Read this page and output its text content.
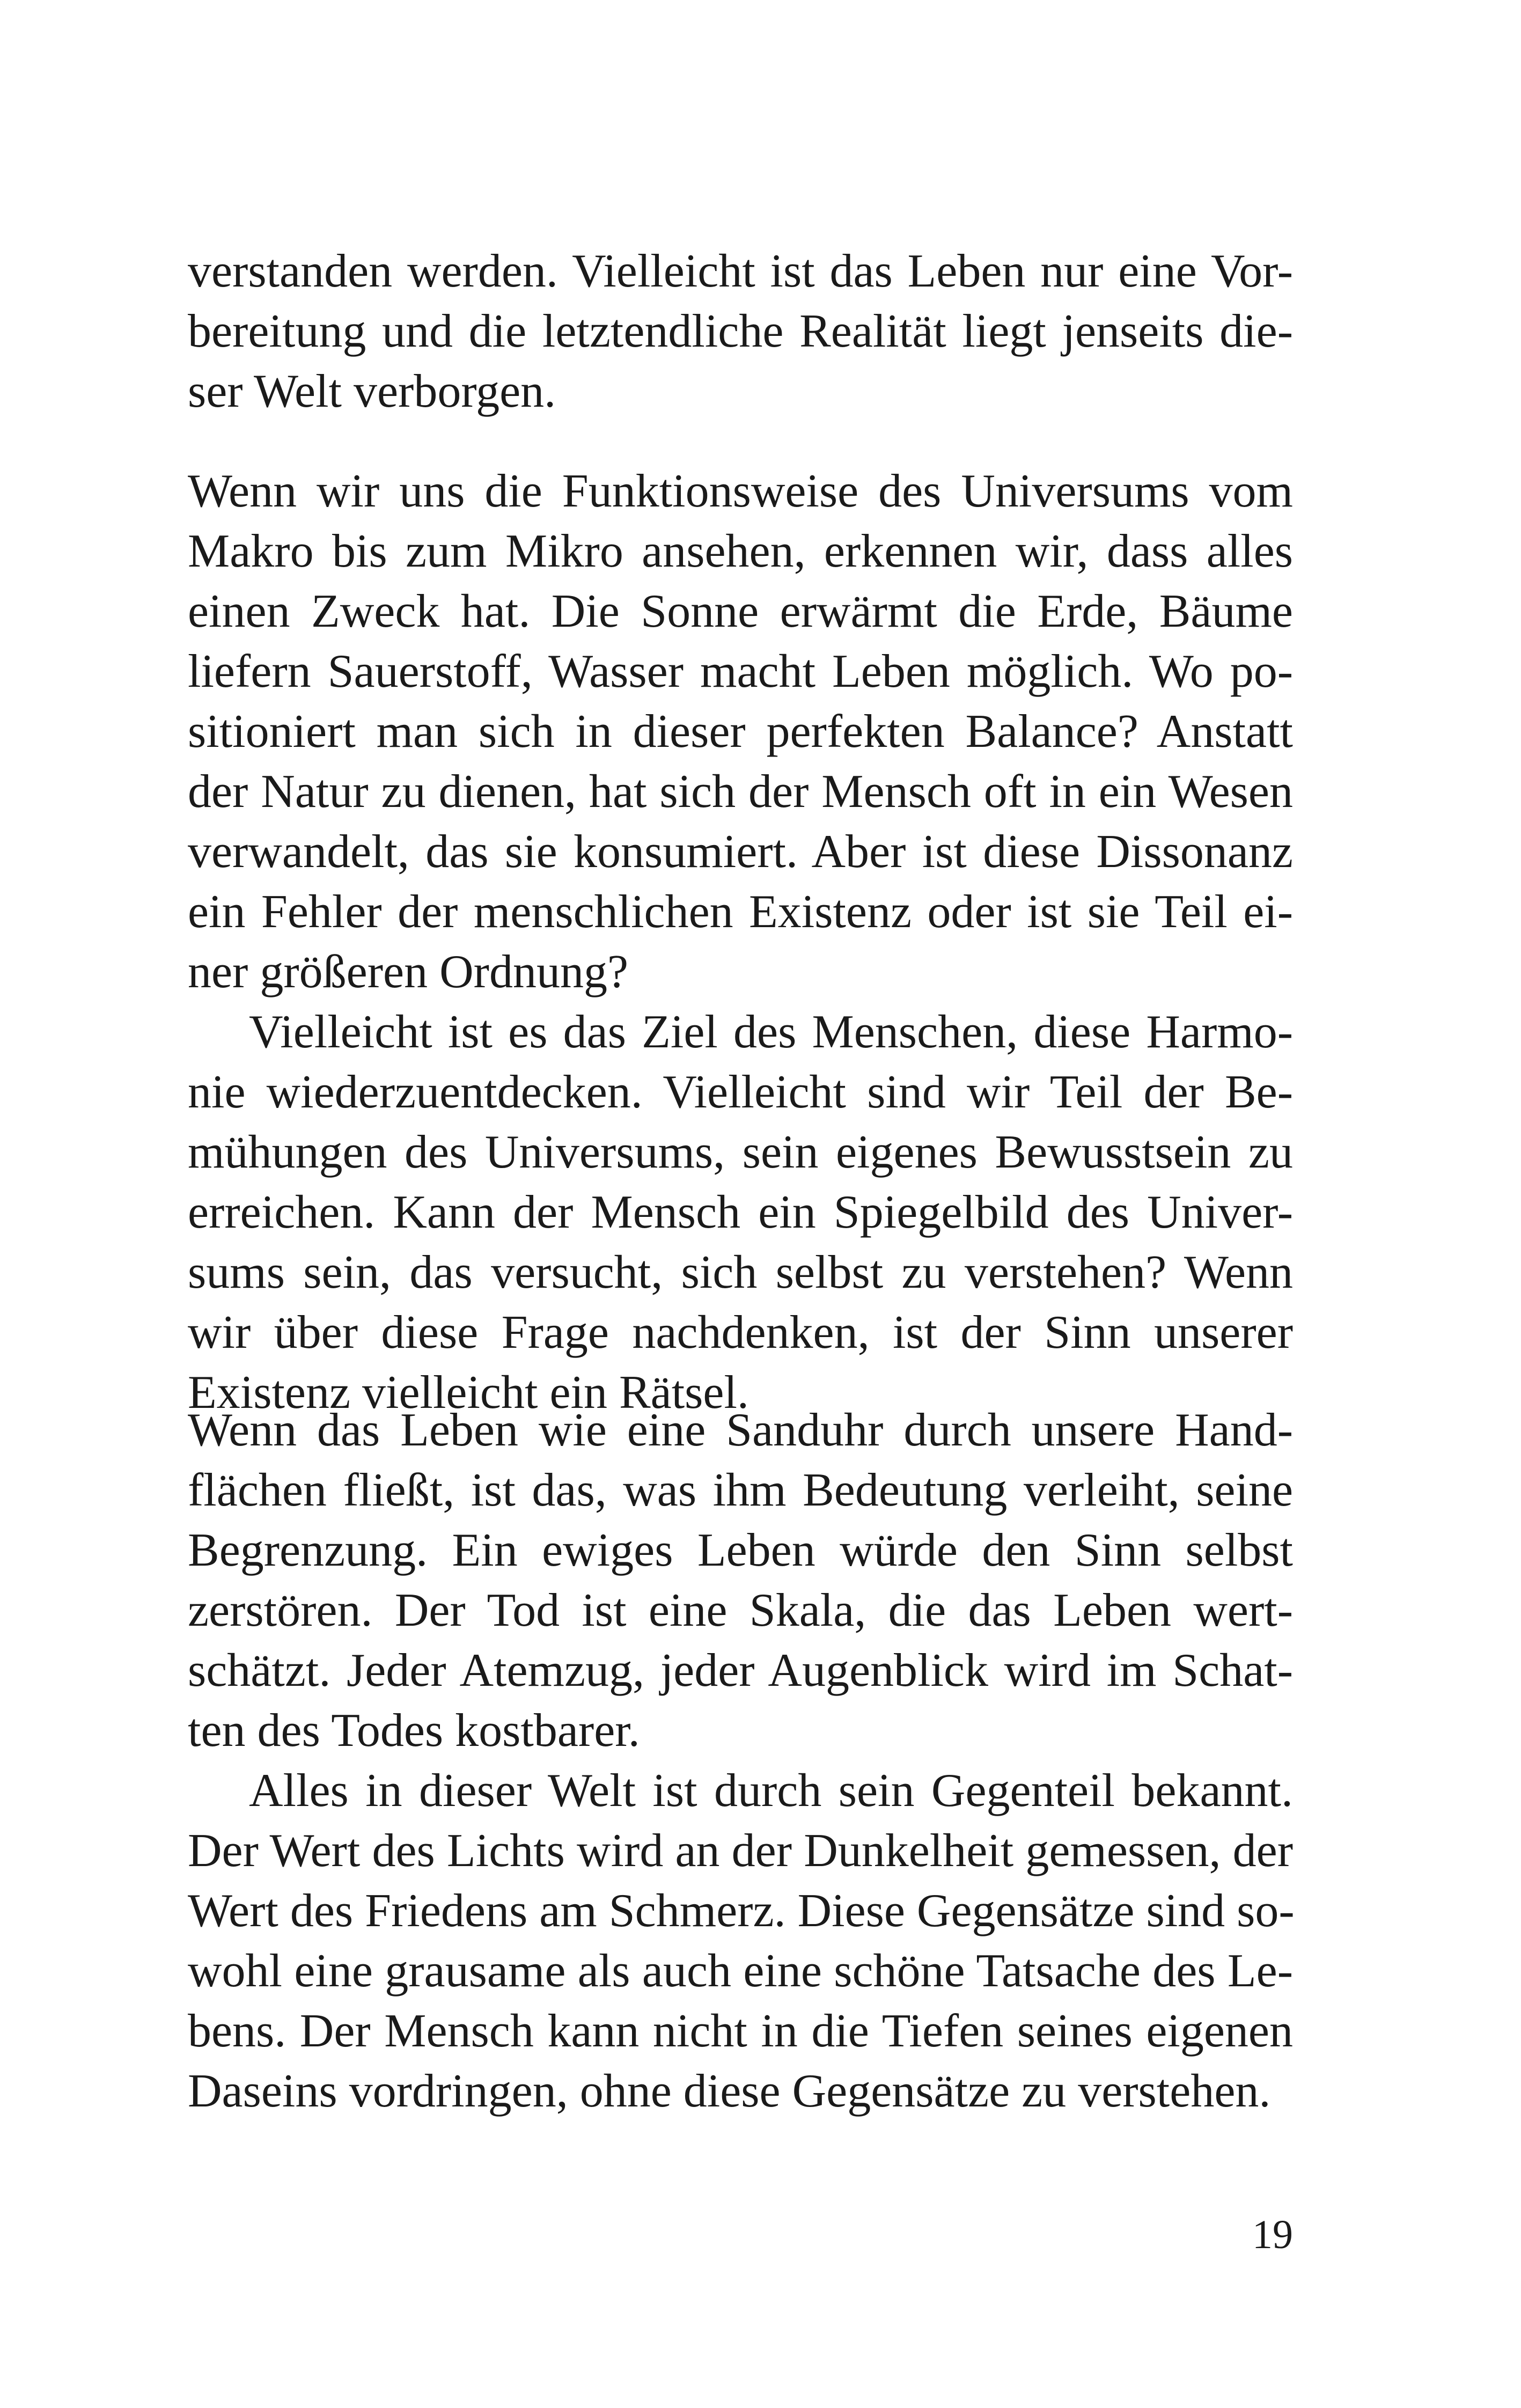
verstanden werden. Vielleicht ist das Leben nur eine Vor-
bereitung und die letztendliche Realität liegt jenseits die-
ser Welt verborgen.
Wenn wir uns die Funktionsweise des Universums vom
Makro bis zum Mikro ansehen, erkennen wir, dass alles
einen Zweck hat. Die Sonne erwärmt die Erde, Bäume
liefern Sauerstoff, Wasser macht Leben möglich. Wo po-
sitioniert man sich in dieser perfekten Balance? Anstatt
der Natur zu dienen, hat sich der Mensch oft in ein Wesen
verwandelt, das sie konsumiert. Aber ist diese Dissonanz
ein Fehler der menschlichen Existenz oder ist sie Teil ei-
ner größeren Ordnung?
Vielleicht ist es das Ziel des Menschen, diese Harmo-
nie wiederzuentdecken. Vielleicht sind wir Teil der Be-
mühungen des Universums, sein eigenes Bewusstsein zu
erreichen. Kann der Mensch ein Spiegelbild des Univer-
sums sein, das versucht, sich selbst zu verstehen? Wenn
wir über diese Frage nachdenken, ist der Sinn unserer
Existenz vielleicht ein Rätsel.
Wenn das Leben wie eine Sanduhr durch unsere Hand-
flächen fließt, ist das, was ihm Bedeutung verleiht, seine
Begrenzung. Ein ewiges Leben würde den Sinn selbst
zerstören. Der Tod ist eine Skala, die das Leben wert-
schätzt. Jeder Atemzug, jeder Augenblick wird im Schat-
ten des Todes kostbarer.
Alles in dieser Welt ist durch sein Gegenteil bekannt.
Der Wert des Lichts wird an der Dunkelheit gemessen, der
Wert des Friedens am Schmerz. Diese Gegensätze sind so-
wohl eine grausame als auch eine schöne Tatsache des Le-
bens. Der Mensch kann nicht in die Tiefen seines eigenen
Daseins vordringen, ohne diese Gegensätze zu verstehen.
19
